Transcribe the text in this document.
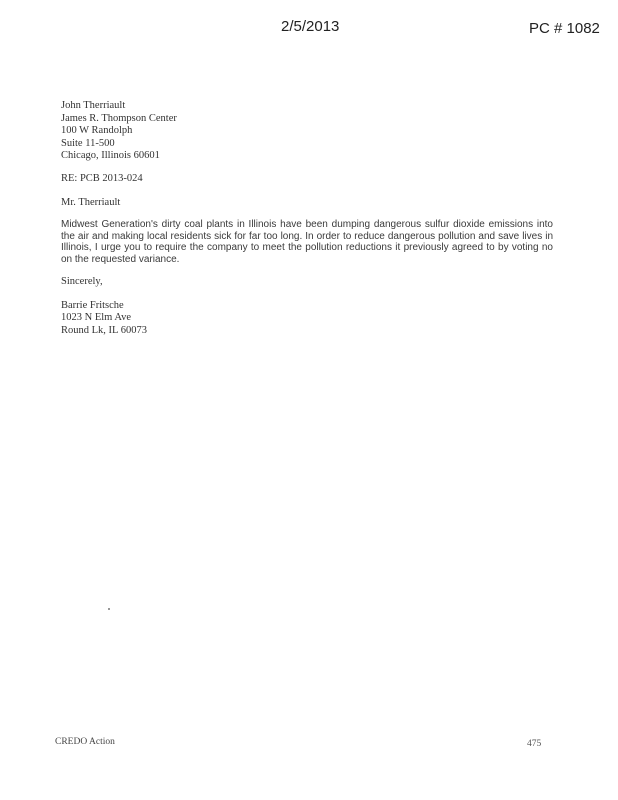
2/5/2013	PC # 1082
John Therriault
James R. Thompson Center
100 W Randolph
Suite 11-500
Chicago, Illinois 60601
RE: PCB 2013-024
Mr. Therriault
Midwest Generation's dirty coal plants in Illinois have been dumping dangerous sulfur dioxide emissions into the air and making local residents sick for far too long. In order to reduce dangerous pollution and save lives in Illinois, I urge you to require the company to meet the pollution reductions it previously agreed to by voting no on the requested variance.
Sincerely,
Barrie Fritsche
1023 N Elm Ave
Round Lk, IL 60073
CREDO Action	475
